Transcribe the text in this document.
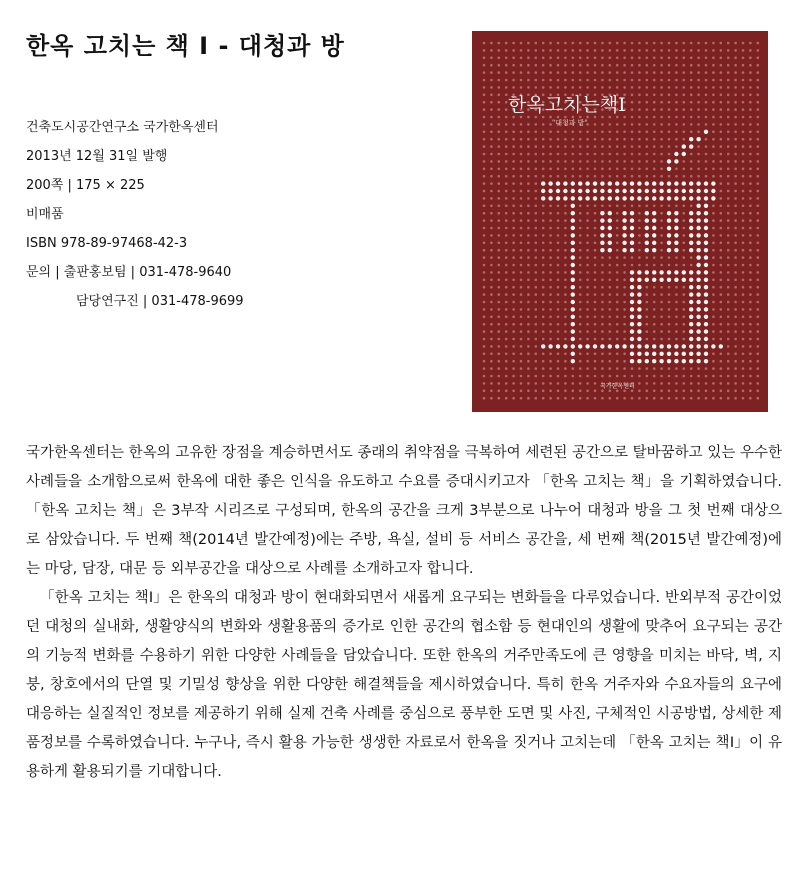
한옥 고치는 책 Ⅰ - 대청과 방
건축도시공간연구소 국가한옥센터
2013년 12월 31일 발행
200쪽 | 175 × 225
비매품
ISBN 978-89-97468-42-3
문의 | 출판홍보팀 | 031-478-9640
담당연구진 | 031-478-9699
한옥고치는책Ⅰ
"대청과 방"
국가한옥센터

국가한옥센터는 한옥의 고유한 장점을 계승하면서도 종래의 취약점을 극복하여 세련된 공간으로 탈바꿈하고 있는 우수한 사례들을 소개함으로써 한옥에 대한 좋은 인식을 유도하고 수요를 증대시키고자 「한옥 고치는 책」을 기획하였습니다. 「한옥 고치는 책」은 3부작 시리즈로 구성되며, 한옥의 공간을 크게 3부분으로 나누어 대청과 방을 그 첫 번째 대상으로 삼았습니다. 두 번째 책(2014년 발간예정)에는 주방, 욕실, 설비 등 서비스 공간을, 세 번째 책(2015년 발간예정)에는 마당, 담장, 대문 등 외부공간을 대상으로 사례를 소개하고자 합니다.

「한옥 고치는 책Ⅰ」은 한옥의 대청과 방이 현대화되면서 새롭게 요구되는 변화들을 다루었습니다. 반외부적 공간이었던 대청의 실내화, 생활양식의 변화와 생활용품의 증가로 인한 공간의 협소함 등 현대인의 생활에 맞추어 요구되는 공간의 기능적 변화를 수용하기 위한 다양한 사례들을 담았습니다. 또한 한옥의 거주만족도에 큰 영향을 미치는 바닥, 벽, 지붕, 창호에서의 단열 및 기밀성 향상을 위한 다양한 해결책들을 제시하였습니다. 특히 한옥 거주자와 수요자들의 요구에 대응하는 실질적인 정보를 제공하기 위해 실제 건축 사례를 중심으로 풍부한 도면 및 사진, 구체적인 시공방법, 상세한 제품정보를 수록하였습니다. 누구나, 즉시 활용 가능한 생생한 자료로서 한옥을 짓거나 고치는데 「한옥 고치는 책Ⅰ」이 유용하게 활용되기를 기대합니다.
